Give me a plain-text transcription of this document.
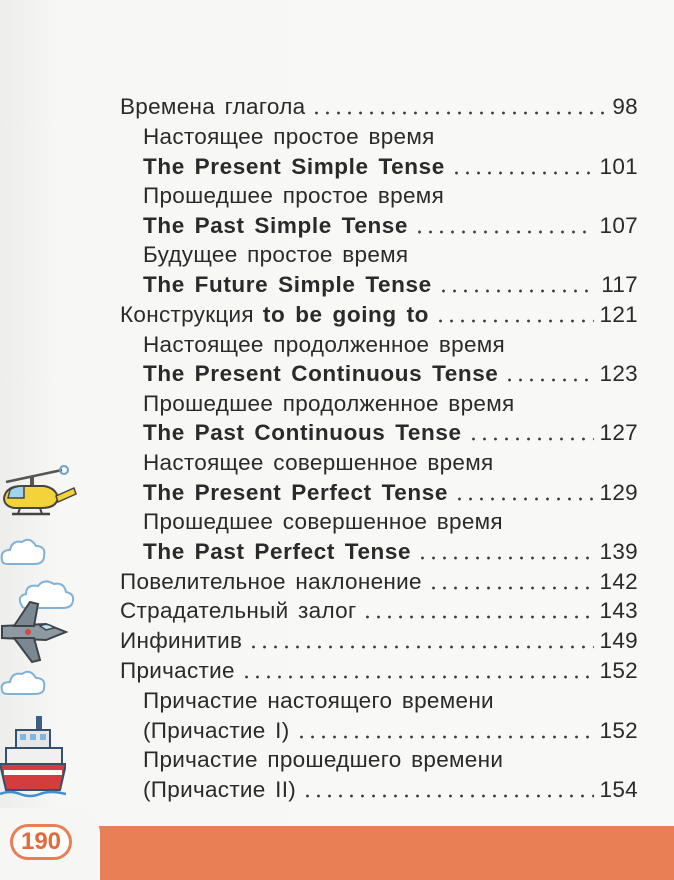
Времена глагола	98
Настоящее простое время
The Present Simple Tense	101
Прошедшее простое время
The Past Simple Tense	107
Будущее простое время
The Future Simple Tense	117
Конструкция to be going to	121
Настоящее продолженное время
The Present Continuous Tense	123
Прошедшее продолженное время
The Past Continuous Tense	127
Настоящее совершенное время
The Present Perfect Tense	129
Прошедшее совершенное время
The Past Perfect Tense	139
Повелительное наклонение	142
Страдательный залог	143
Инфинитив	149
Причастие	152
Причастие настоящего времени
(Причастие I)	152
Причастие прошедшего времени
(Причастие II)	154
190
